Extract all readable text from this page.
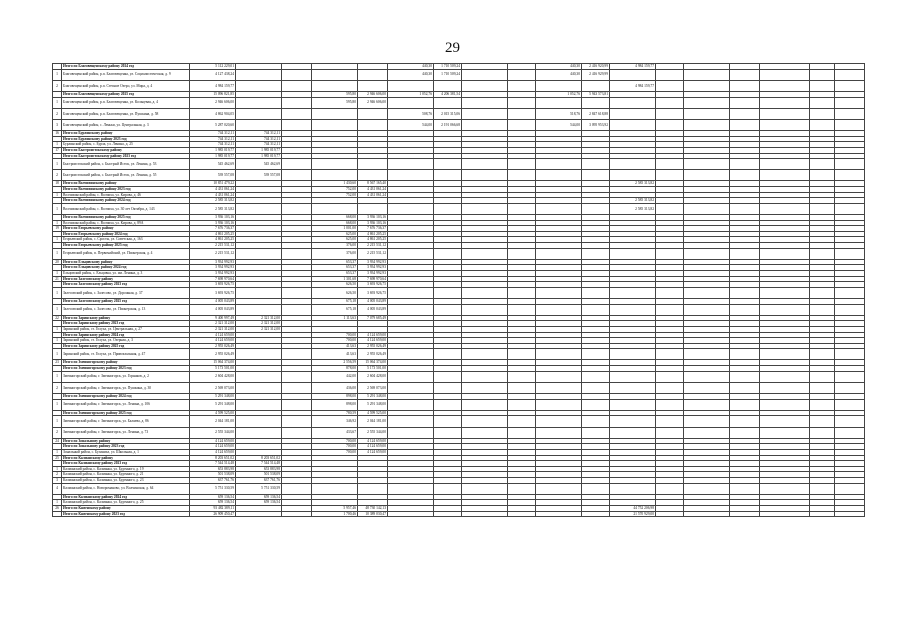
29
	Итого по Благовещенскому району 2024 год	5 112 229,01					440,30	1 710 509,24			440,30	2 416 920,99	4 984 159,77						
1	Благовещенский район, р.п. Благовещенка, ул. Социалистическая, д. 9	4 127 438,24					440,30	1 710 509,24			440,30	2 416 929,99							
2	Благовещенский район, р.п. Степное Озеро, ул. Мира, д. 4	4 984 159,77											4 984 159,77						
	Итого по Благовещенскому району 2025 год	15 096 821,85			595,80	2 946 606,00	1 052,76	4 206 381,54			1 052,76	5 943 573,81							
1	Благовещенский район, р.п. Благовещенка, ул. Кольцевая, д. 4	2 946 606,00			595,80	2 946 606,00													
2	Благовещенский район, р.п. Благовещенка, ул. Пушкина, д. 58	4 862 904,05					508,76	2 015 315,06			518,76	2 847 618,88							
3	Благовещенский район, с. Леньки, ул. Центральная, д. 3	5 287 020,60					544,00	2 191 066,68			544,00	3 095 953,92							
16	Итого по Бурлинскому району	744 312,11	744 312,11																
	Итого по Бурлинскому району 2023 год	744 312,11	744 312,11																
1	Бурлинский район, с. Бурла, ул. Ленина, д. 25	744 312,11	744 312,11																
17	Итого по Быстроистокскому району	1 985 019,77	1 985 019,77																
	Итого по Быстроистокскому району 2023 год	1 985 019,77	1 985 019,77																
1	Быстроистокский район, с. Быстрый Исток, ул. Ленина, д. 53	545 462,69	545 462,69																
2	Быстроистокский район, с. Быстрый Исток, ул. Ленина, д. 55	539 557,08	539 557,08																
18	Итого по Волчихинскому району	10 851 479,22			1 430,60	8 567 165,40							2 585 313,82						
	Итого по Волчихинскому району 2023 год	4 431 061,24			752,00	4 431 061,24													
1	Волчихинский район, с. Волчиха, ул. Кирова, д. 46	4 431 061,24			752,00	4 431 061,24													
	Итого по Волчихинскому району 2024 год	2 585 313,82											2 585 313,82						
1	Волчихинский район, с. Волчиха, ул. 30 лет Октября, д. 143	2 585 313,82											2 585 313,82						
	Итого по Волчихинскому району 2025 год	3 936 103,16			668,00	3 936 103,16													
1	Волчихинский район, с. Волчиха, ул. Кирова, д. 89А	3 936 103,16			668,00	3 936 103,16													
19	Итого по Егорьевскому району	7 676 736,37			1 001,00	7 676 736,37													
	Итого по Егорьевскому району 2024 год	4 861 205,25			625,00	4 861 205,25													
1	Егорьевский район, с. Сросты, ул. Советская, д. 163	4 861 205,25			625,00	4 861 205,25													
	Итого по Егорьевскому району 2025 год	2 215 531,12			376,00	2 215 531,12													
1	Егорьевский район, п. Первомайский, ул. Пионерская, д. 4	2 215 531,12			376,00	2 215 531,12													
20	Итого по Ельцовскому району	3 934 992,93			653,37	3 934 992,93													
	Итого по Ельцовскому району 2024 год	3 934 992,93			653,37	3 934 992,93													
1	Ельцовский район, с. Ельцовка, ул. им. Ленина, д. 3	3 934 992,93			653,37	3 934 992,93													
21	Итого по Залесовскому району	7 698 970,64			1 301,68	7 698 970,64													
	Итого по Залесовскому району 2023 год	3 693 926,75			626,50	3 693 926,75													
1	Залесовский район, с. Залесово, ул. Дорожная, д. 37	3 693 926,75			626,50	3 693 926,75													
	Итого по Залесовскому району 2025 год	4 005 043,89			675,18	4 005 043,89													
1	Залесовский район, с. Залесово, ул. Пионерская, д. 13	4 005 043,89			675,18	4 005 043,89													
22	Итого по Заринскому району	9 400 997,49	2 321 312,00		1 113,63	7 079 685,49													
	Итого по Заринскому району 2023 год	2 321 312,00	2 321 312,00																
1	Заринский район, ст. Голуха, ул. Центральная, д. 27	2 321 312,00	2 321 312,00																
	Итого по Заринскому району 2024 год	4 124 659,00			700,00	4 124 659,00													
1	Заринский район, ст. Голуха, ул. Озерная, д. 3	4 124 659,00			700,00	4 124 659,00													
	Итого по Заринскому району 2025 год	2 955 026,49			413,63	2 955 026,49													
1	Заринский район, ст. Голуха, ул. Привокзальная, д. 47	2 955 026,49			413,63	2 955 026,49													
23	Итого по Змеиногорскому району	15 064 374,00			2 556,59	15 064 374,00													
	Итого по Змеиногорскому району 2023 год	5 173 501,00			878,00	5 173 501,00													
1	Змеиногорский район, г. Змеиногорск, ул. Горняков, д. 2	2 604 428,00			442,00	2 604 428,00													
2	Змеиногорский район, г. Змеиногорск, ул. Пушкина, д. 30	2 569 073,00			436,00	2 569 073,00													
	Итого по Змеиногорскому району 2024 год	5 291 348,00			898,00	5 291 348,00													
1	Змеиногорский район, г. Змеиногорск, ул. Ленина, д. 106	5 291 348,00			898,00	5 291 348,00													
	Итого по Змеиногорскому району 2025 год	4 599 525,00			780,59	4 599 525,00													
1	Змеиногорский район, г. Змеиногорск, ул. Баляева, д. 86	2 044 181,00			346,92	2 044 181,00													
2	Змеиногорский район, г. Змеиногорск, ул. Ленина, д. 73	2 555 344,00			433,67	2 555 344,00													
24	Итого по Зональному району	4 124 659,00			700,00	4 124 659,00													
	Итого по Зональному району 2023 год	4 124 659,00			700,00	4 124 659,00													
1	Зональный район, с. Буланиха, ул. Школьная, д. 1	4 124 659,00			700,00	4 124 659,00													
25	Итого по Калманскому району	8 203 651,02	8 203 651,02																
	Итого по Калманскому району 2023 год	7 544 514,48	7 544 514,48																
1	Калманский район, с. Калманка, ул. Буденного, д. 19	653 883,98	653 883,98																
2	Калманский район, с. Калманка, ул. Буденного, д. 21	501 538,09	501 538,09																
3	Калманский район, с. Калманка, ул. Буденного, д. 23	637 761,76	637 761,76																
4	Калманский район, с. Новороманово, ул. Волчинская, д. 64	5 751 330,59	5 751 330,59																
	Итого по Калманскому району 2024 год	659 136,54	659 136,54																
1	Калманский район, с. Калманка, ул. Буденного, д. 25	659 136,54	659 136,54																
26	Итого по Каменскому району	93 482 389,11			5 957,46	48 730 142,13							44 752 206,98						
	Итого по Каменскому району 2023 год	26 909 450,47			1 700,46	10 389 030,47							21 570 929,00						
